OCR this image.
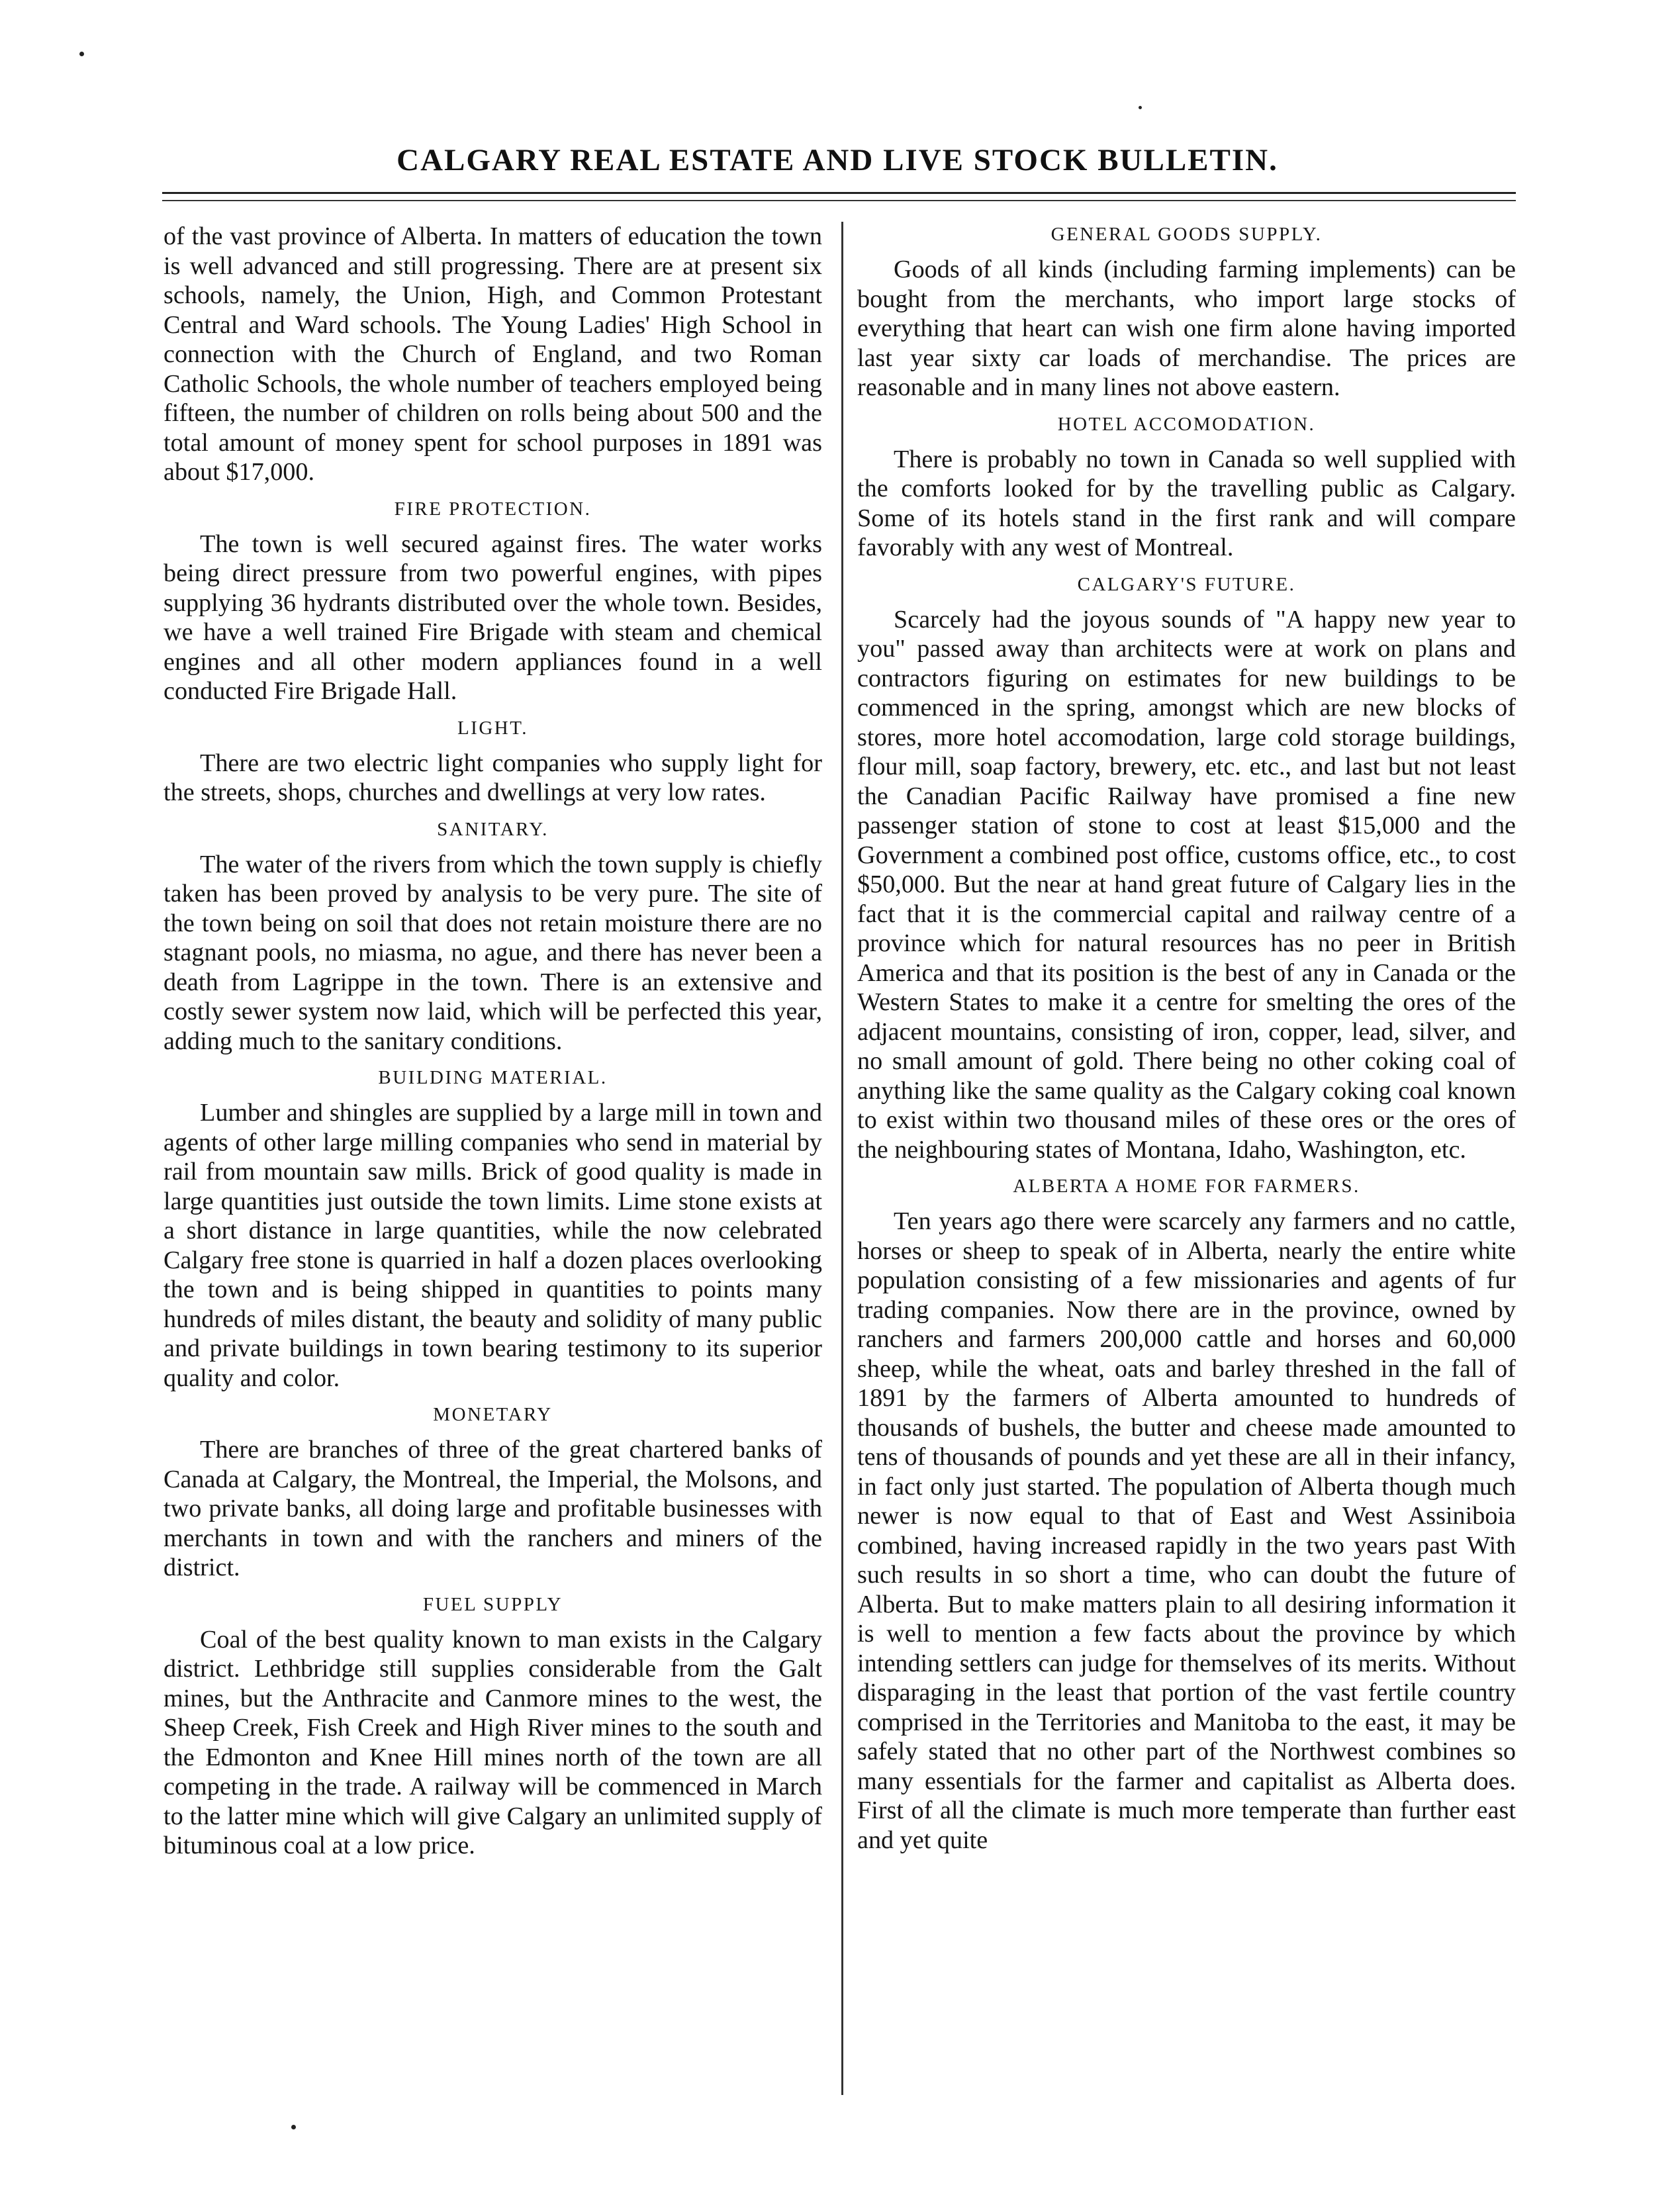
CALGARY REAL ESTATE AND LIVE STOCK BULLETIN.

of the vast province of Alberta. In matters of education the town is well advanced and still progressing. There are at present six schools, namely, the Union, High, and Common Protestant Central and Ward schools. The Young Ladies' High School in connection with the Church of England, and two Roman Catholic Schools, the whole number of teachers employed being fifteen, the number of children on rolls being about 500 and the total amount of money spent for school purposes in 1891 was about $17,000.

FIRE PROTECTION.

The town is well secured against fires. The water works being direct pressure from two powerful engines, with pipes supplying 36 hydrants distributed over the whole town. Besides, we have a well trained Fire Brigade with steam and chemical engines and all other modern appliances found in a well conducted Fire Brigade Hall.

LIGHT.

There are two electric light companies who supply light for the streets, shops, churches and dwellings at very low rates.

SANITARY.

The water of the rivers from which the town supply is chiefly taken has been proved by analysis to be very pure. The site of the town being on soil that does not retain moisture there are no stagnant pools, no miasma, no ague, and there has never been a death from Lagrippe in the town. There is an extensive and costly sewer system now laid, which will be perfected this year, adding much to the sanitary conditions.

BUILDING MATERIAL.

Lumber and shingles are supplied by a large mill in town and agents of other large milling companies who send in material by rail from mountain saw mills. Brick of good quality is made in large quantities just outside the town limits. Lime stone exists at a short distance in large quantities, while the now celebrated Calgary free stone is quarried in half a dozen places overlooking the town and is being shipped in quantities to points many hundreds of miles distant, the beauty and solidity of many public and private buildings in town bearing testimony to its superior quality and color.

MONETARY

There are branches of three of the great chartered banks of Canada at Calgary, the Montreal, the Imperial, the Molsons, and two private banks, all doing large and profitable businesses with merchants in town and with the ranchers and miners of the district.

FUEL SUPPLY

Coal of the best quality known to man exists in the Calgary district. Lethbridge still supplies considerable from the Galt mines, but the Anthracite and Canmore mines to the west, the Sheep Creek, Fish Creek and High River mines to the south and the Edmonton and Knee Hill mines north of the town are all competing in the trade. A railway will be commenced in March to the latter mine which will give Calgary an unlimited supply of bituminous coal at a low price.

GENERAL GOODS SUPPLY.

Goods of all kinds (including farming implements) can be bought from the merchants, who import large stocks of everything that heart can wish one firm alone having imported last year sixty car loads of merchandise. The prices are reasonable and in many lines not above eastern.

HOTEL ACCOMODATION.

There is probably no town in Canada so well supplied with the comforts looked for by the travelling public as Calgary. Some of its hotels stand in the first rank and will compare favorably with any west of Montreal.

CALGARY'S FUTURE.

Scarcely had the joyous sounds of "A happy new year to you" passed away than architects were at work on plans and contractors figuring on estimates for new buildings to be commenced in the spring, amongst which are new blocks of stores, more hotel accomodation, large cold storage buildings, flour mill, soap factory, brewery, etc. etc., and last but not least the Canadian Pacific Railway have promised a fine new passenger station of stone to cost at least $15,000 and the Government a combined post office, customs office, etc., to cost $50,000. But the near at hand great future of Calgary lies in the fact that it is the commercial capital and railway centre of a province which for natural resources has no peer in British America and that its position is the best of any in Canada or the Western States to make it a centre for smelting the ores of the adjacent mountains, consisting of iron, copper, lead, silver, and no small amount of gold. There being no other coking coal of anything like the same quality as the Calgary coking coal known to exist within two thousand miles of these ores or the ores of the neighbouring states of Montana, Idaho, Washington, etc.

ALBERTA A HOME FOR FARMERS.

Ten years ago there were scarcely any farmers and no cattle, horses or sheep to speak of in Alberta, nearly the entire white population consisting of a few missionaries and agents of fur trading companies. Now there are in the province, owned by ranchers and farmers 200,000 cattle and horses and 60,000 sheep, while the wheat, oats and barley threshed in the fall of 1891 by the farmers of Alberta amounted to hundreds of thousands of bushels, the butter and cheese made amounted to tens of thousands of pounds and yet these are all in their infancy, in fact only just started. The population of Alberta though much newer is now equal to that of East and West Assiniboia combined, having increased rapidly in the two years past With such results in so short a time, who can doubt the future of Alberta. But to make matters plain to all desiring information it is well to mention a few facts about the province by which intending settlers can judge for themselves of its merits. Without disparaging in the least that portion of the vast fertile country comprised in the Territories and Manitoba to the east, it may be safely stated that no other part of the Northwest combines so many essentials for the farmer and capitalist as Alberta does. First of all the climate is much more temperate than further east and yet quite
